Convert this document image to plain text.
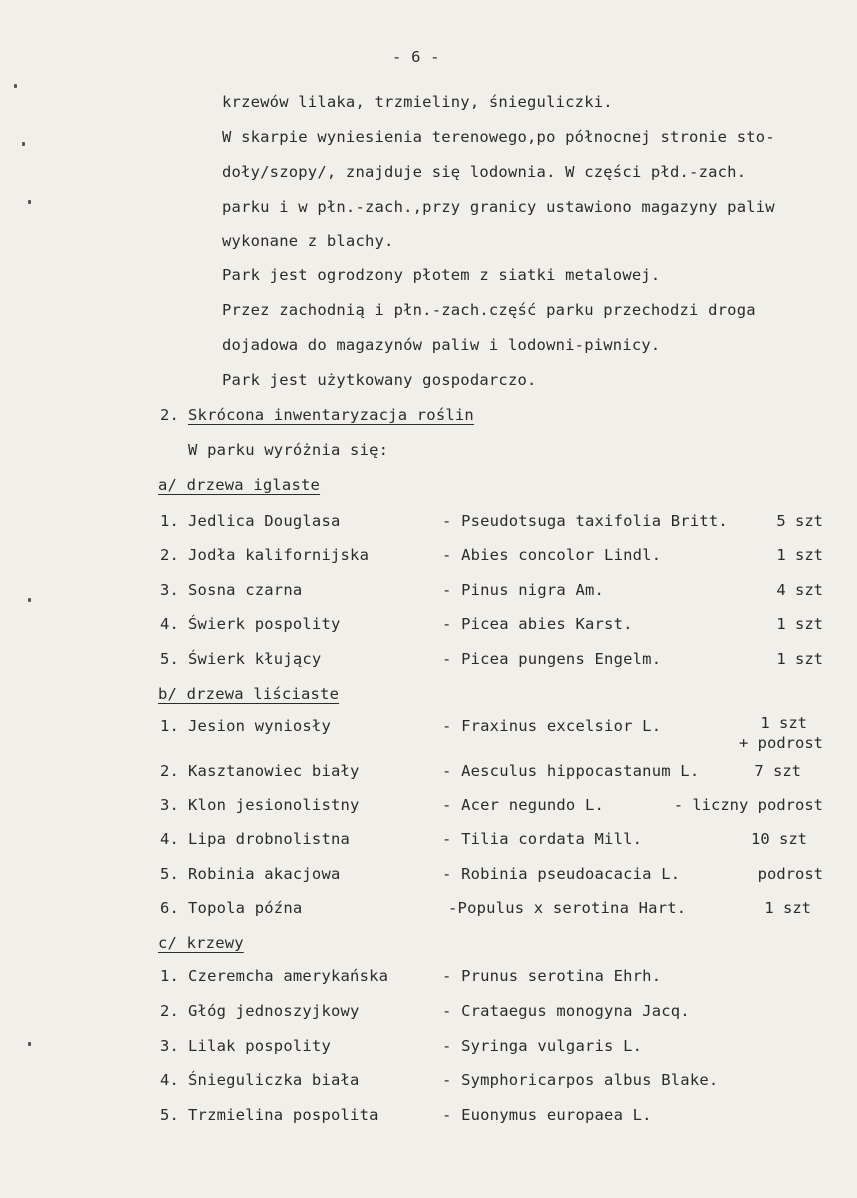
- 6 -
krzewów lilaka, trzmieliny, śnieguliczki.
W skarpie wyniesienia terenowego,po północnej stronie sto-
doły/szopy/, znajduje się lodownia. W części płd.-zach.
parku i w płn.-zach.,przy granicy ustawiono magazyny paliw
wykonane z blachy.
Park jest ogrodzony płotem z siatki metalowej.
Przez zachodnią i płn.-zach.część parku przechodzi droga
dojadowa do magazynów paliw i lodowni-piwnicy.
Park jest użytkowany gospodarczo.
2. Skrócona inwentaryzacja roślin
W parku wyróżnia się:
a/ drzewa iglaste
1. Jedlica Douglasa	- Pseudotsuga taxifolia Britt.	5 szt
2. Jodła kalifornijska	- Abies concolor Lindl.	1 szt
3. Sosna czarna	- Pinus nigra Am.	4 szt
4. Świerk pospolity	- Picea abies Karst.	1 szt
5. Świerk kłujący	- Picea pungens Engelm.	1 szt
b/ drzewa liściaste
1. Jesion wyniosły	- Fraxinus excelsior L.	1 szt
+ podrost
2. Kasztanowiec biały	- Aesculus hippocastanum L.	7 szt
3. Klon jesionolistny	- Acer negundo L.	- liczny podrost
4. Lipa drobnolistna	- Tilia cordata Mill.	10 szt
5. Robinia akacjowa	- Robinia pseudoacacia L.	podrost
6. Topola późna	-Populus x serotina Hart.	1 szt
c/ krzewy
1. Czeremcha amerykańska	- Prunus serotina Ehrh.
2. Głóg jednoszyjkowy	- Crataegus monogyna Jacq.
3. Lilak pospolity	- Syringa vulgaris L.
4. Śnieguliczka biała	- Symphoricarpos albus Blake.
5. Trzmielina pospolita	- Euonymus europaea L.
